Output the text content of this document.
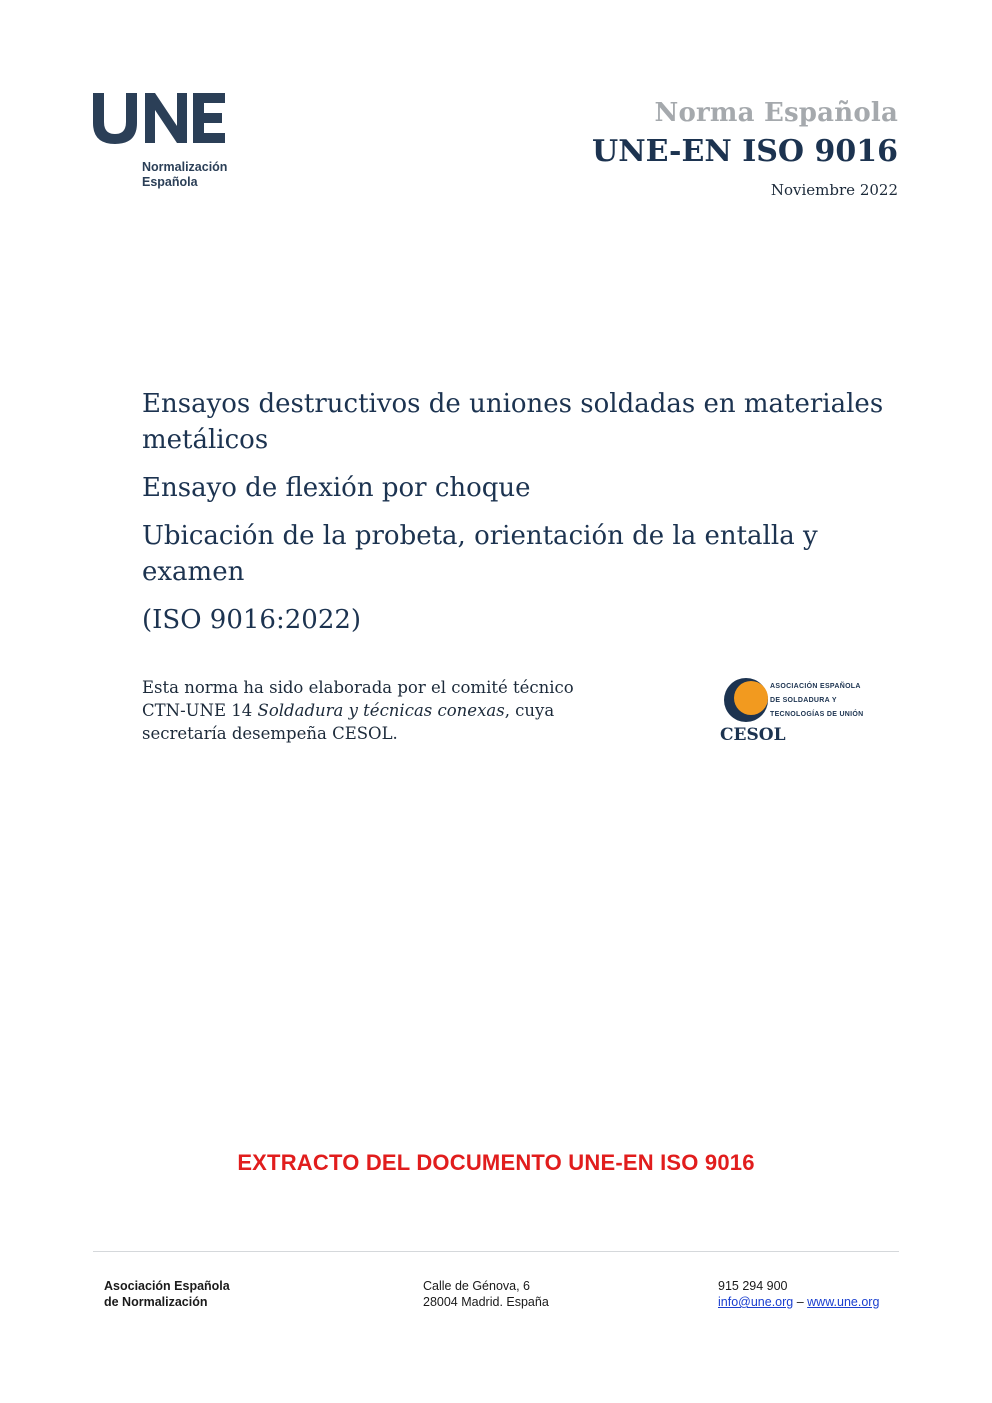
Normalización
Española
Norma Española
UNE-EN ISO 9016
Noviembre 2022
Ensayos destructivos de uniones soldadas en materiales metálicos
Ensayo de flexión por choque
Ubicación de la probeta, orientación de la entalla y examen
(ISO 9016:2022)
Esta norma ha sido elaborada por el comité técnico CTN-UNE 14 Soldadura y técnicas conexas, cuya secretaría desempeña CESOL.
ASOCIACIÓN ESPAÑOLA
DE SOLDADURA Y
TECNOLOGÍAS DE UNIÓN
CESOL
EXTRACTO DEL DOCUMENTO UNE-EN ISO 9016
Asociación Española
de Normalización
Calle de Génova, 6
28004 Madrid. España
915 294 900
info@une.org – www.une.org
